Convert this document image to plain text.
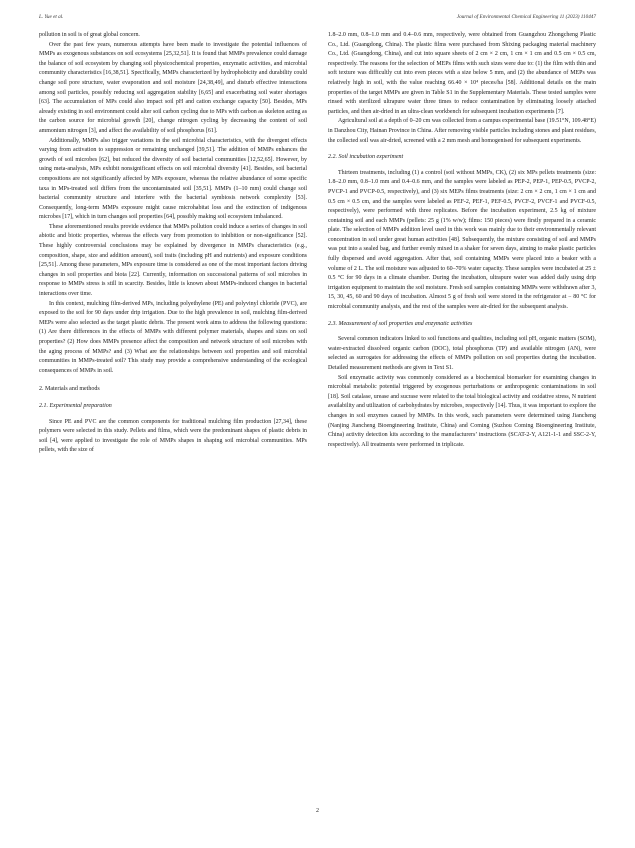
L. Yue et al.	Journal of Environmental Chemical Engineering 11 (2023) 110447

pollution in soil is of great global concern.

Over the past few years, numerous attempts have been made to investigate the potential influences of MMPs as exogenous substances on soil ecosystems [25,32,51]. It is found that MMPs prevalence could damage the balance of soil ecosystem by changing soil physicochemical properties, enzymatic activities, and microbial community characteristics [16,38,51]. Specifically, MMPs characterized by hydrophobicity and durability could change soil pore structure, water evaporation and soil moisture [24,38,49], and disturb effective interactions among soil particles, possibly reducing soil aggregation stability [6,65] and exacerbating soil water shortages [63]. The accumulation of MPs could also impact soil pH and cation exchange capacity [50]. Besides, MPs already existing in soil environment could alter soil carbon cycling due to MPs with carbon as skeleton acting as the carbon source for microbial growth [20], change nitrogen cycling by decreasing the content of soil ammonium nitrogen [3], and affect the availability of soil phosphorus [61].

Additionally, MMPs also trigger variations in the soil microbial characteristics, with the divergent effects varying from activation to suppression or remaining unchanged [39,51]. The addition of MMPs enhances the growth of soil microbes [62], but reduced the diversity of soil bacterial communities [12,52,65]. However, by using meta-analysis, MPs exhibit nonsignificant effects on soil microbial diversity [41]. Besides, soil bacterial compositions are not significantly affected by MPs exposure, whereas the relative abundance of some specific taxa in MPs-treated soil differs from the uncontaminated soil [35,51]. MMPs (1–10 mm) could change soil bacterial community structure and interfere with the bacterial symbiosis network complexity [53]. Consequently, long-term MMPs exposure might cause microhabitat loss and the extinction of indigenous microbes [17], which in turn changes soil properties [64], possibly making soil ecosystem imbalanced.

These aforementioned results provide evidence that MMPs pollution could induce a series of changes in soil abiotic and biotic properties, whereas the effects vary from promotion to inhibition or non-significance [52]. These highly controversial conclusions may be explained by divergence in MMPs characteristics (e.g., composition, shape, size and addition amount), soil traits (including pH and nutrients) and exposure conditions [25,51]. Among these parameters, MPs exposure time is considered as one of the most important factors driving changes in soil properties and biota [22]. Currently, information on successional patterns of soil microbes in response to MMPs stress is still in scarcity. Besides, little is known about MMPs-induced changes in bacterial interactions over time.

In this context, mulching film-derived MPs, including polyethylene (PE) and polyvinyl chloride (PVC), are exposed to the soil for 90 days under drip irrigation. Due to the high prevalence in soil, mulching film-derived MEPs were also selected as the target plastic debris. The present work aims to address the following questions: (1) Are there differences in the effects of MMPs with different polymer materials, shapes and sizes on soil properties? (2) How does MMPs presence affect the composition and network structure of soil microbes with the aging process of MMPs? and (3) What are the relationships between soil properties and soil microbial communities in MMPs-treated soil? This study may provide a comprehensive understanding of the ecological consequences of MMPs in soil.

2. Materials and methods
2.1. Experimental preparation

Since PE and PVC are the common components for traditional mulching film production [27,34], these polymers were selected in this study. Pellets and films, which were the predominant shapes of plastic debris in soil [4], were applied to investigate the role of MMPs shapes in shaping soil microbial communities. MPs pellets, with the size of

1.8–2.0 mm, 0.8–1.0 mm and 0.4–0.6 mm, respectively, were obtained from Guangzhou Zhongcheng Plastic Co., Ltd. (Guangdong, China). The plastic films were purchased from Shixing packaging material machinery Co., Ltd. (Guangdong, China), and cut into square sheets of 2 cm × 2 cm, 1 cm × 1 cm and 0.5 cm × 0.5 cm, respectively. The reasons for the selection of MEPs films with such sizes were due to: (1) the film with thin and soft texture was difficultly cut into even pieces with a size below 5 mm, and (2) the abundance of MEPs was relatively high in soil, with the value reaching 66.40 × 10⁴ pieces/ha [58]. Additional details on the main properties of the target MMPs are given in Table S1 in the Supplementary Materials. These tested samples were rinsed with sterilized ultrapure water three times to reduce contamination by eliminating loosely attached particles, and then air-dried in an ultra-clean workbench for subsequent incubation experiments [7].

Agricultural soil at a depth of 0–20 cm was collected from a campus experimental base (19.51°N, 109.48°E) in Danzhou City, Hainan Province in China. After removing visible particles including stones and plant residues, the collected soil was air-dried, screened with a 2 mm mesh and homogenised for subsequent experiments.

2.2. Soil incubation experiment

Thirteen treatments, including (1) a control (soil without MMPs, CK), (2) six MPs pellets treatments (size: 1.8–2.0 mm, 0.8–1.0 mm and 0.4–0.6 mm, and the samples were labeled as PEP-2, PEP-1, PEP-0.5, PVCP-2, PVCP-1 and PVCP-0.5, respectively), and (3) six MEPs films treatments (size: 2 cm × 2 cm, 1 cm × 1 cm and 0.5 cm × 0.5 cm, and the samples were labeled as PEF-2, PEF-1, PEF-0.5, PVCF-2, PVCF-1 and PVCF-0.5, respectively), were performed with three replicates. Before the incubation experiment, 2.5 kg of mixture containing soil and each MMPs (pellets: 25 g (1% w/w); films: 150 pieces) were firstly prepared in a ceramic plate. The selection of MMPs addition level used in this work was mainly due to their environmentally relevant concentration in soil under great human activities [48]. Subsequently, the mixture consisting of soil and MMPs was put into a sealed bag, and further evenly mixed in a shaker for seven days, aiming to make plastic particles fully dispersed and avoid aggregation. After that, soil containing MMPs were placed into a beaker with a volume of 2 L. The soil moisture was adjusted to 60–70% water capacity. These samples were incubated at 25 ± 0.5 °C for 90 days in a climate chamber. During the incubation, ultrapure water was added daily using drip irrigation equipment to maintain the soil moisture. Fresh soil samples containing MMPs were withdrawn after 3, 15, 30, 45, 60 and 90 days of incubation. Almost 5 g of fresh soil were stored in the refrigerator at − 80 °C for microbial community analysis, and the rest of the samples were air-dried for the subsequent analysis.

2.3. Measurement of soil properties and enzymatic activities

Several common indicators linked to soil functions and qualities, including soil pH, organic matters (SOM), water-extracted dissolved organic carbon (DOC), total phosphorus (TP) and available nitrogen (AN), were selected as surrogates for addressing the effects of MMPs pollution on soil properties during the incubation. Detailed measurement methods are given in Text S1.

Soil enzymatic activity was commonly considered as a biochemical biomarker for examining changes in microbial metabolic potential triggered by exogenous perturbations or anthropogenic contaminations in soil [18]. Soil catalase, urease and sucrase were related to the total biological activity and oxidative stress, N nutrient availability and utilization of carbohydrates by microbes, respectively [14]. Thus, it was important to explore the changes in soil enzymes caused by MMPs. In this work, such parameters were determined using Jiancheng (Nanjing Jiancheng Bioengineering Institute, China) and Coming (Suzhou Coming Bioengineering Institute, China) activity detection kits according to the manufacturers’ instructions (SCAT-2-Y, A121-1-1 and SSC-2-Y, respectively). All treatments were performed in triplicate.

2
